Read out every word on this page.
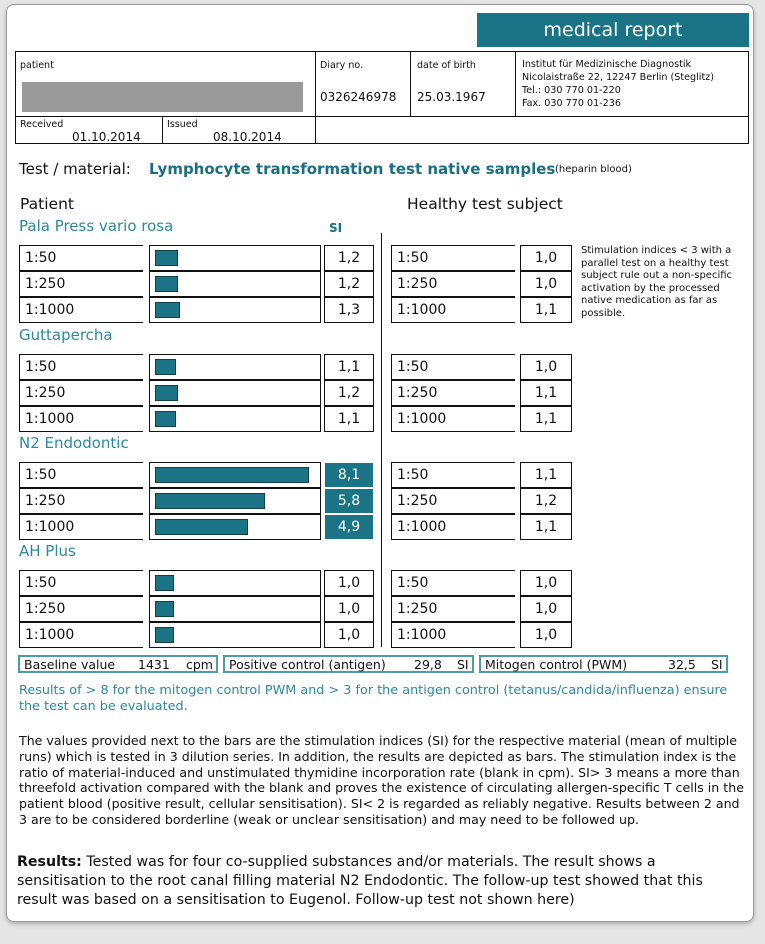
medical report
patient	Diary no.
0326246978
date of birth
25.03.1967
Institut für Medizinische Diagnostik
Nicolaistraße 22, 12247 Berlin (Steglitz)
Tel.: 030 770 01-220
Fax. 030 770 01-236
Received
01.10.2014
Issued
08.10.2014
Test / material: Lymphocyte transformation test native samples (heparin blood)
Patient	Healthy test subject
SI
Stimulation indices < 3 with a parallel test on a healthy test subject rule out a non-specific activation by the processed native medication as far as possible.
Pala Press vario rosa
1:50	1,2	1:50	1,0
1:250	1,2	1:250	1,0
1:1000	1,3	1:1000	1,1
Guttapercha
1:50	1,1	1:50	1,0
1:250	1,2	1:250	1,1
1:1000	1,1	1:1000	1,1
N2 Endodontic
1:50	8,1	1:50	1,1
1:250	5,8	1:250	1,2
1:1000	4,9	1:1000	1,1
AH Plus
1:50	1,0	1:50	1,0
1:250	1,0	1:250	1,0
1:1000	1,0	1:1000	1,0
Baseline value 1431 cpm Positive control (antigen) 29,8 SI Mitogen control (PWM)	32,5 SI
Results of > 8 for the mitogen control PWM and > 3 for the antigen control (tetanus/candida/influenza) ensure the test can be evaluated.
The values provided next to the bars are the stimulation indices (SI) for the respective material (mean of multiple runs) which is tested in 3 dilution series. In addition, the results are depicted as bars. The stimulation index is the ratio of material-induced and unstimulated thymidine incorporation rate (blank in cpm). SI> 3 means a more than threefold activation compared with the blank and proves the existence of circulating allergen-specific T cells in the patient blood (positive result, cellular sensitisation). SI< 2 is regarded as reliably negative. Results between 2 and 3 are to be considered borderline (weak or unclear sensitisation) and may need to be followed up.
Results: Tested was for four co-supplied substances and/or materials. The result shows a sensitisation to the root canal filling material N2 Endodontic. The follow-up test showed that this result was based on a sensitisation to Eugenol. Follow-up test not shown here)
